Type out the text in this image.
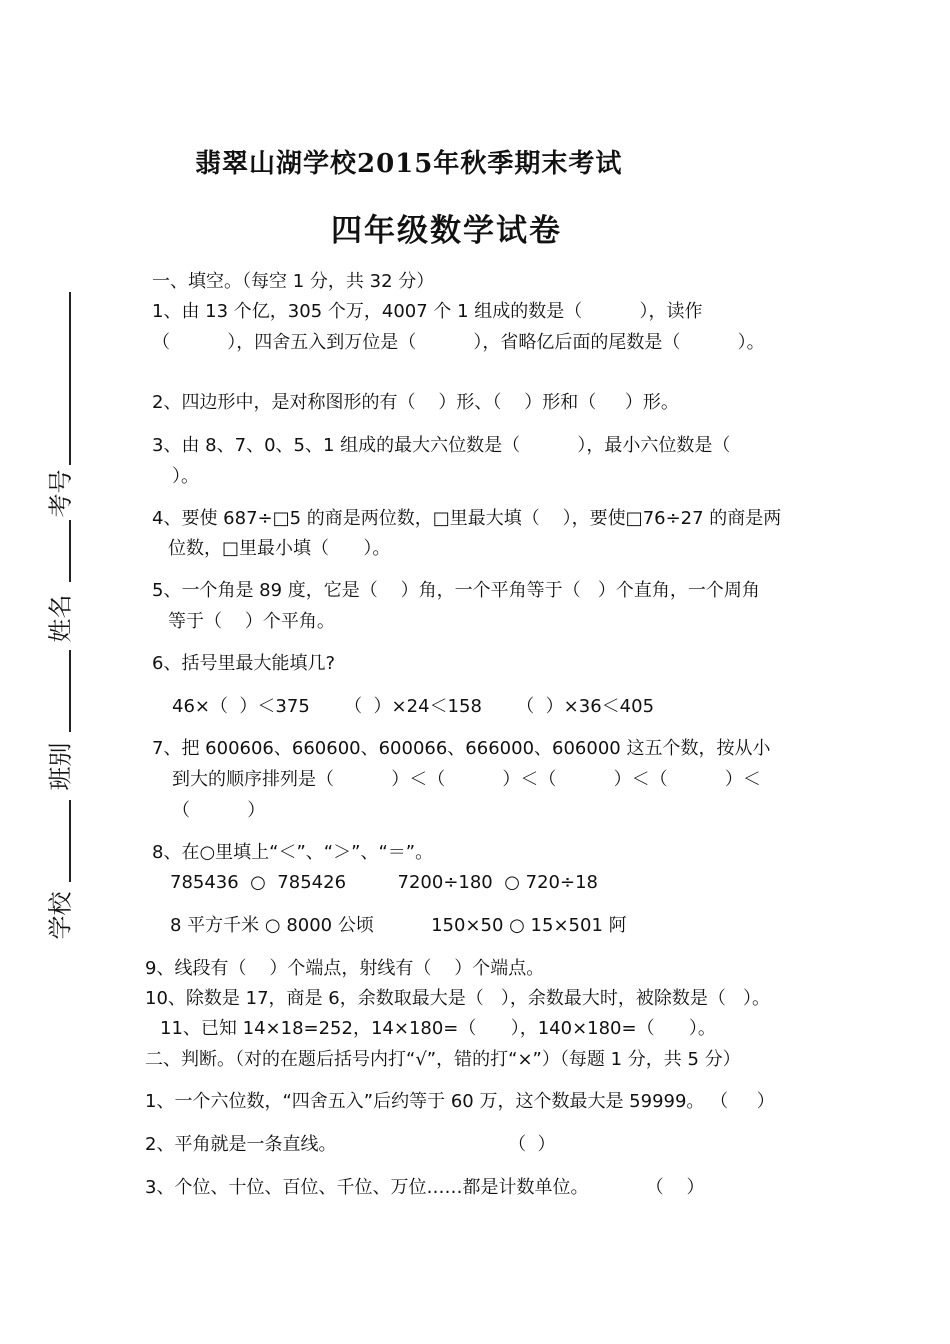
翡翠山湖学校2015年秋季期末考试
四年级数学试卷
考号
姓名
班别
学校
一、填空。（每空 1 分，共 32 分）
1、由 13 个亿，305 个万，4007 个 1 组成的数是（          ），读作
（          ），四舍五入到万位是（          ），省略亿后面的尾数是（          ）。
2、四边形中，是对称图形的有（    ）形、（    ）形和（     ）形。
3、由 8、7、0、5、1 组成的最大六位数是（          ），最小六位数是（
）。
4、要使 687÷□5 的商是两位数，□里最大填（    ），要使□76÷27 的商是两
位数，□里最小填（      ）。
5、一个角是 89 度，它是（    ）角，一个平角等于（   ）个直角，一个周角
等于（    ）个平角。
6、括号里最大能填几?
46×（  ）＜375      （  ）×24＜158      （  ）×36＜405
7、把 600606、660600、600066、666000、606000 这五个数，按从小
到大的顺序排列是（          ）＜（          ）＜（          ）＜（          ）＜
（          ）
8、在○里填上“＜”、“＞”、“＝”。
785436  ○  785426         7200÷180  ○ 720÷18
8 平方千米 ○ 8000 公顷          150×50 ○ 15×501 阿
9、线段有（    ）个端点，射线有（    ）个端点。
10、除数是 17，商是 6，余数取最大是（   ），余数最大时，被除数是（   ）。
11、已知 14×18=252，14×180=（      ），140×180=（      ）。
二、判断。（对的在题后括号内打“√”，错的打“×”）（每题 1 分，共 5 分）
1、一个六位数，“四舍五入”后约等于 60 万，这个数最大是 59999。 （     ）
2、平角就是一条直线。                              （  ）
3、个位、十位、百位、千位、万位……都是计数单位。          （    ）
